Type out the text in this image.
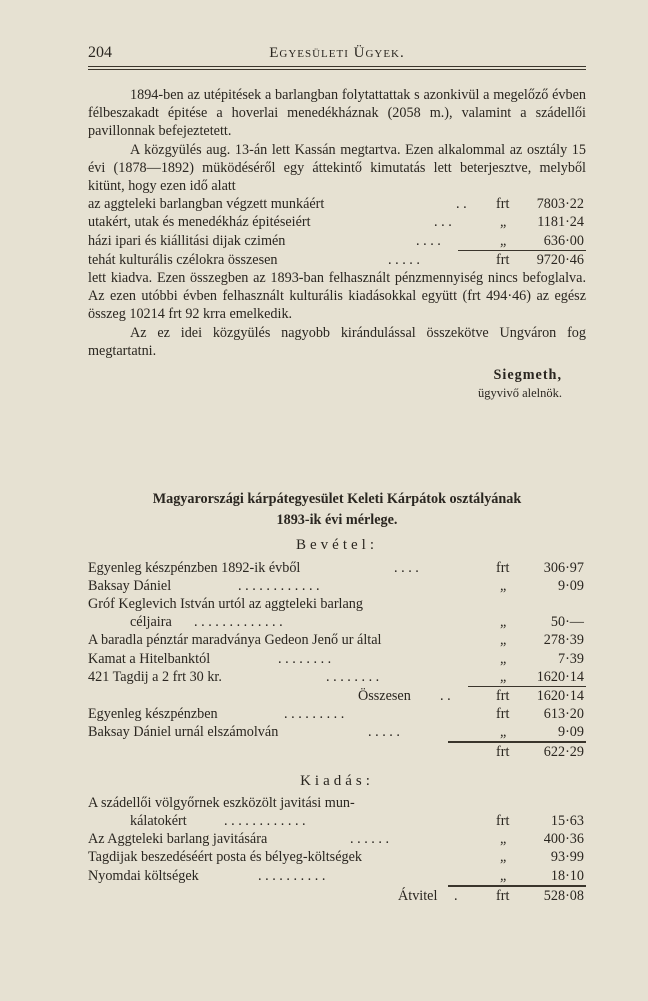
204	Egyesületi Ügyek.

1894-ben az utépitések a barlangban folytattattak s azonkivül a megelőző évben félbeszakadt épitése a hoverlai menedékháznak (2058 m.), valamint a szádellői pavillonnak befejeztetett.

A közgyülés aug. 13-án lett Kassán megtartva. Ezen alkalommal az osztály 15 évi (1878—1892) müködéséről egy áttekintő kimutatás lett beterjesztve, melyből kitünt, hogy ezen idő alatt

az aggteleki barlangban végzett munkáért	. . frt 7803·22
utakért, utak és menedékház épitéseiért	. . .	„ 1181·24
házi ipari és kiállitási dijak czimén	. . . .	„	636·00
tehát kulturális czélokra összesen	. . . . .	frt 9720·46

lett kiadva. Ezen összegben az 1893-ban felhasznált pénzmennyiség nincs befoglalva. Az ezen utóbbi évben felhasznált kulturális kiadásokkal együtt (frt 494·46) az egész összeg 10214 frt 92 krra emelkedik.

Az ez idei közgyülés nagyobb kirándulással összekötve Ungváron fog megtartatni.

Siegmeth,
ügyvivő alelnök.
Magyarországi kárpátegyesület Keleti Kárpátok osztályának
1893-ik évi mérlege.
Bevétel:
Egyenleg készpénzben 1892-ik évből	. . . .	frt 306·97
Baksay Dániel	. . . . . . . . . . . .	„	9·09
Gróf Keglevich István urtól az aggteleki barlang
céljaira . . . . . . . . . . . . .	„	50·—
A baradla pénztár maradványa Gedeon Jenő ur által	„	278·39
Kamat a Hitelbanktól	. . . . . . . .	„	7·39
421 Tagdij a 2 frt 30 kr.	. . . . . . . .	„ 1620·14
Összesen . .	frt 1620·14
Egyenleg készpénzben	. . . . . . . . .	frt 613·20
Baksay Dániel urnál elszámolván	. . . . .	„	9·09
frt 622·29
Kiadás:
A szádellői völgyőrnek eszközölt javitási mun-
kálatokért	. . . . . . . . . . . .	frt	15·63
Az Aggteleki barlang javitására	. . . . . .	„	400·36
Tagdijak beszedéséért posta és bélyeg-költségek	„	93·99
Nyomdai költségek	. . . . . . . . . .	„	18·10
Átvitel .	frt 528·08
